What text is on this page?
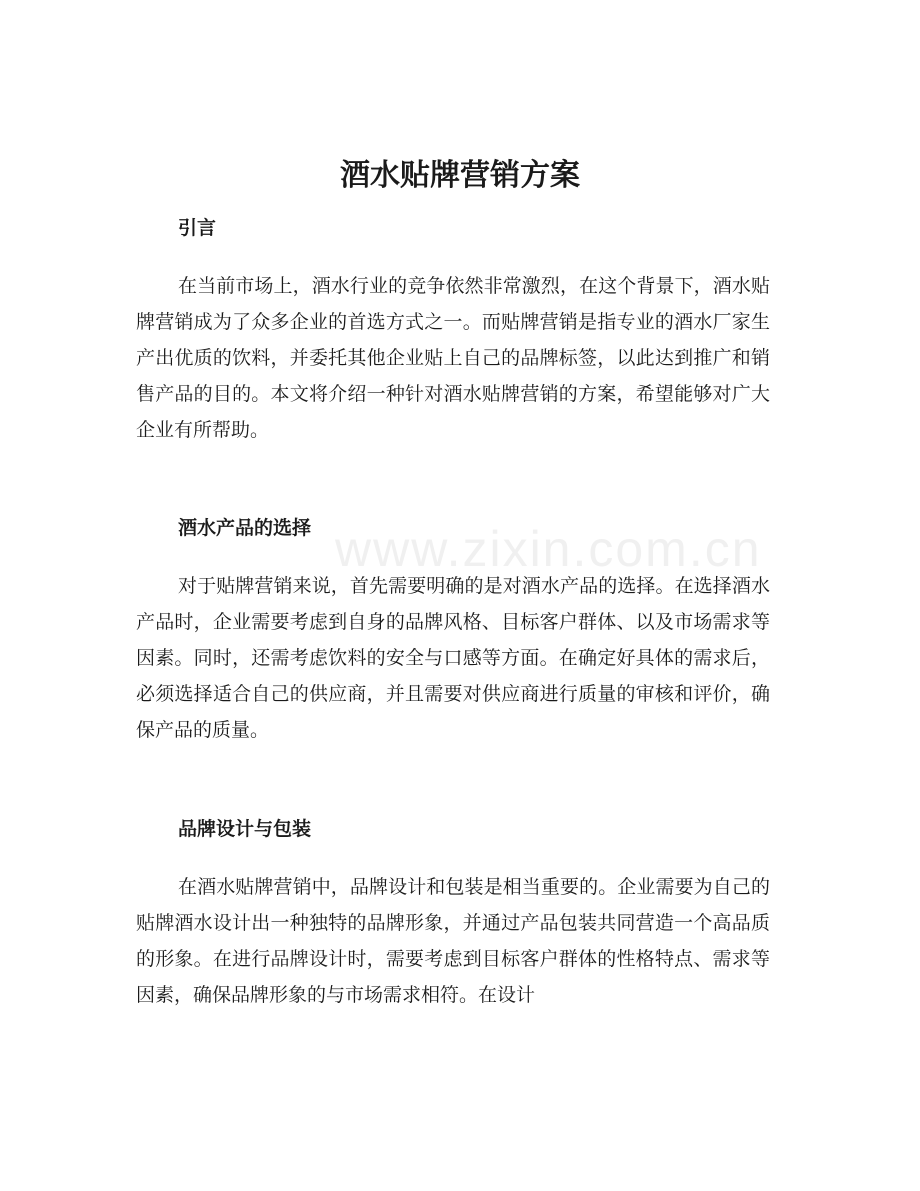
www.zixin.com.cn
酒水贴牌营销方案
引言

在当前市场上，酒水行业的竞争依然非常激烈，在这个背景下，酒水贴牌营销成为了众多企业的首选方式之一。而贴牌营销是指专业的酒水厂家生产出优质的饮料，并委托其他企业贴上自己的品牌标签，以此达到推广和销售产品的目的。本文将介绍一种针对酒水贴牌营销的方案，希望能够对广大企业有所帮助。

酒水产品的选择

对于贴牌营销来说，首先需要明确的是对酒水产品的选择。在选择酒水产品时，企业需要考虑到自身的品牌风格、目标客户群体、以及市场需求等因素。同时，还需考虑饮料的安全与口感等方面。在确定好具体的需求后，必须选择适合自己的供应商，并且需要对供应商进行质量的审核和评价，确保产品的质量。

品牌设计与包装

在酒水贴牌营销中，品牌设计和包装是相当重要的。企业需要为自己的贴牌酒水设计出一种独特的品牌形象，并通过产品包装共同营造一个高品质的形象。在进行品牌设计时，需要考虑到目标客户群体的性格特点、需求等因素，确保品牌形象的与市场需求相符。在设计
